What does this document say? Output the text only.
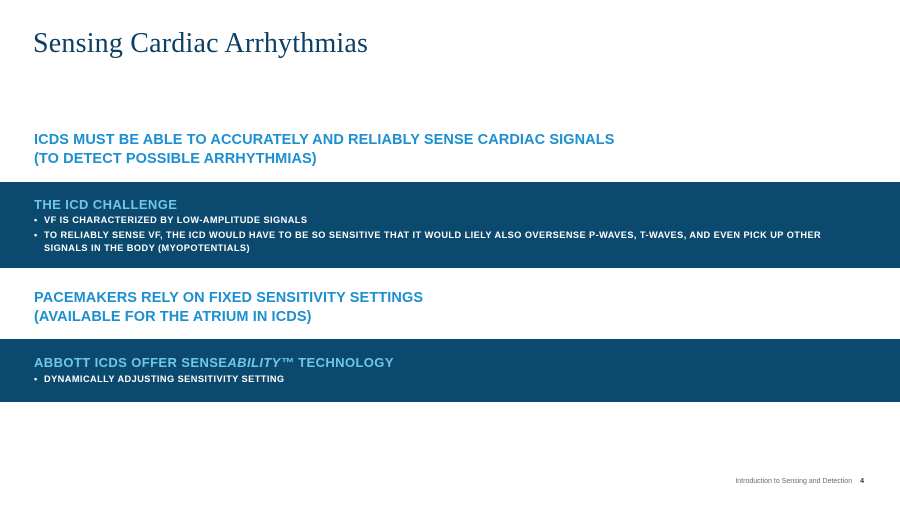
Sensing Cardiac Arrhythmias
ICDS MUST BE ABLE TO ACCURATELY AND RELIABLY SENSE CARDIAC SIGNALS
(TO DETECT POSSIBLE ARRHYTHMIAS)
THE ICD CHALLENGE
• VF IS CHARACTERIZED BY LOW-AMPLITUDE SIGNALS
• TO RELIABLY SENSE VF, THE ICD WOULD HAVE TO BE SO SENSITIVE THAT IT WOULD LIELY ALSO OVERSENSE P-WAVES, T-WAVES, AND EVEN PICK UP OTHER SIGNALS IN THE BODY (MYOPOTENTIALS)
PACEMAKERS RELY ON FIXED SENSITIVITY SETTINGS
(AVAILABLE FOR THE ATRIUM IN ICDS)
ABBOTT ICDS OFFER SENSEABILITY™ TECHNOLOGY
• DYNAMICALLY ADJUSTING SENSITIVITY SETTING
Introduction to Sensing and Detection 4
